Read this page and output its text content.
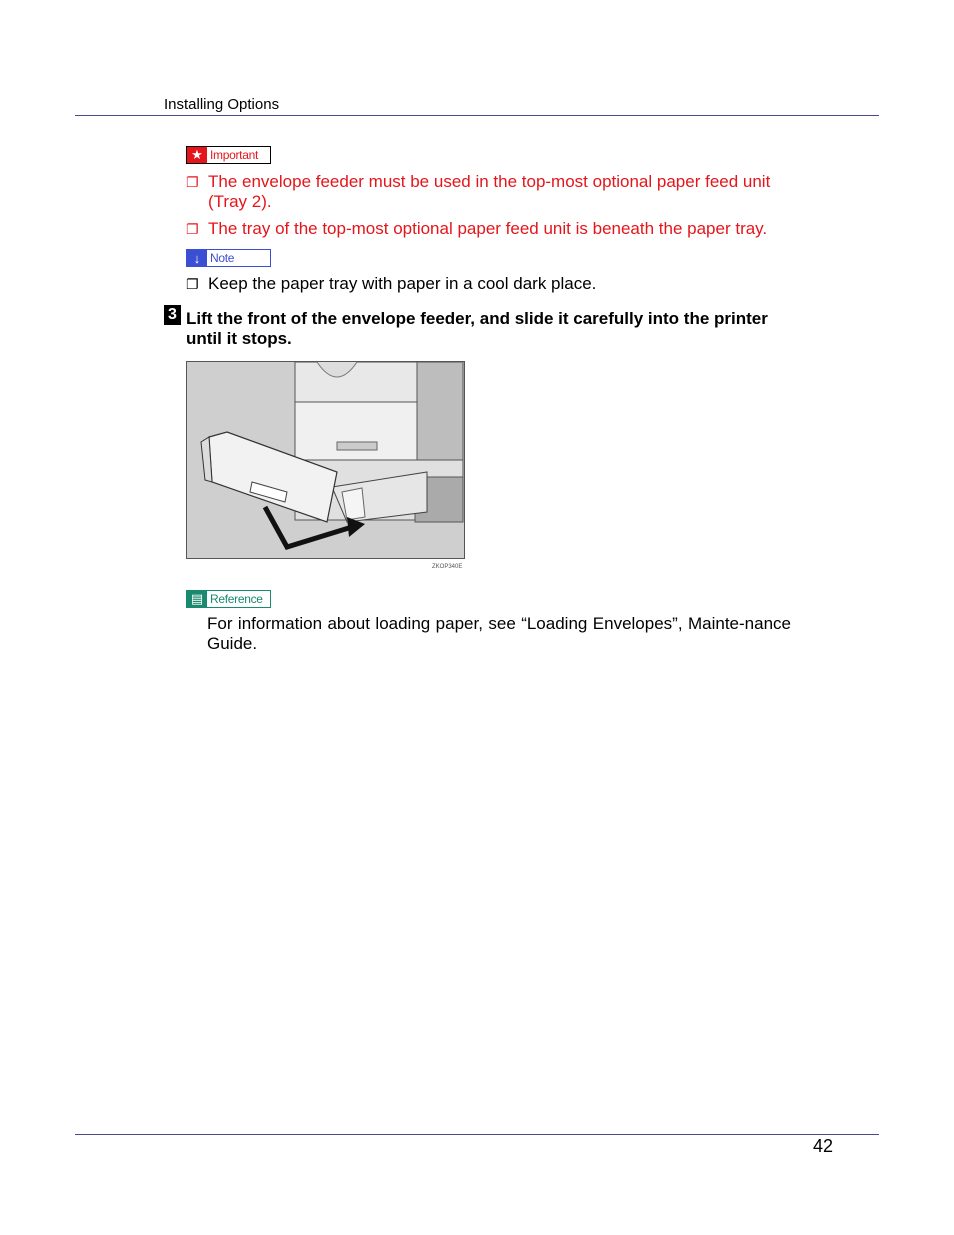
Installing Options
★ Important
❐ The envelope feeder must be used in the top-most optional paper feed unit (Tray 2).
❐ The tray of the top-most optional paper feed unit is beneath the paper tray.
↓ Note
❐ Keep the paper tray with paper in a cool dark place.
3 Lift the front of the envelope feeder, and slide it carefully into the printer until it stops.
ZKOP340E
▤ Reference
For information about loading paper, see “Loading Envelopes”, Mainte-nance Guide.
42
